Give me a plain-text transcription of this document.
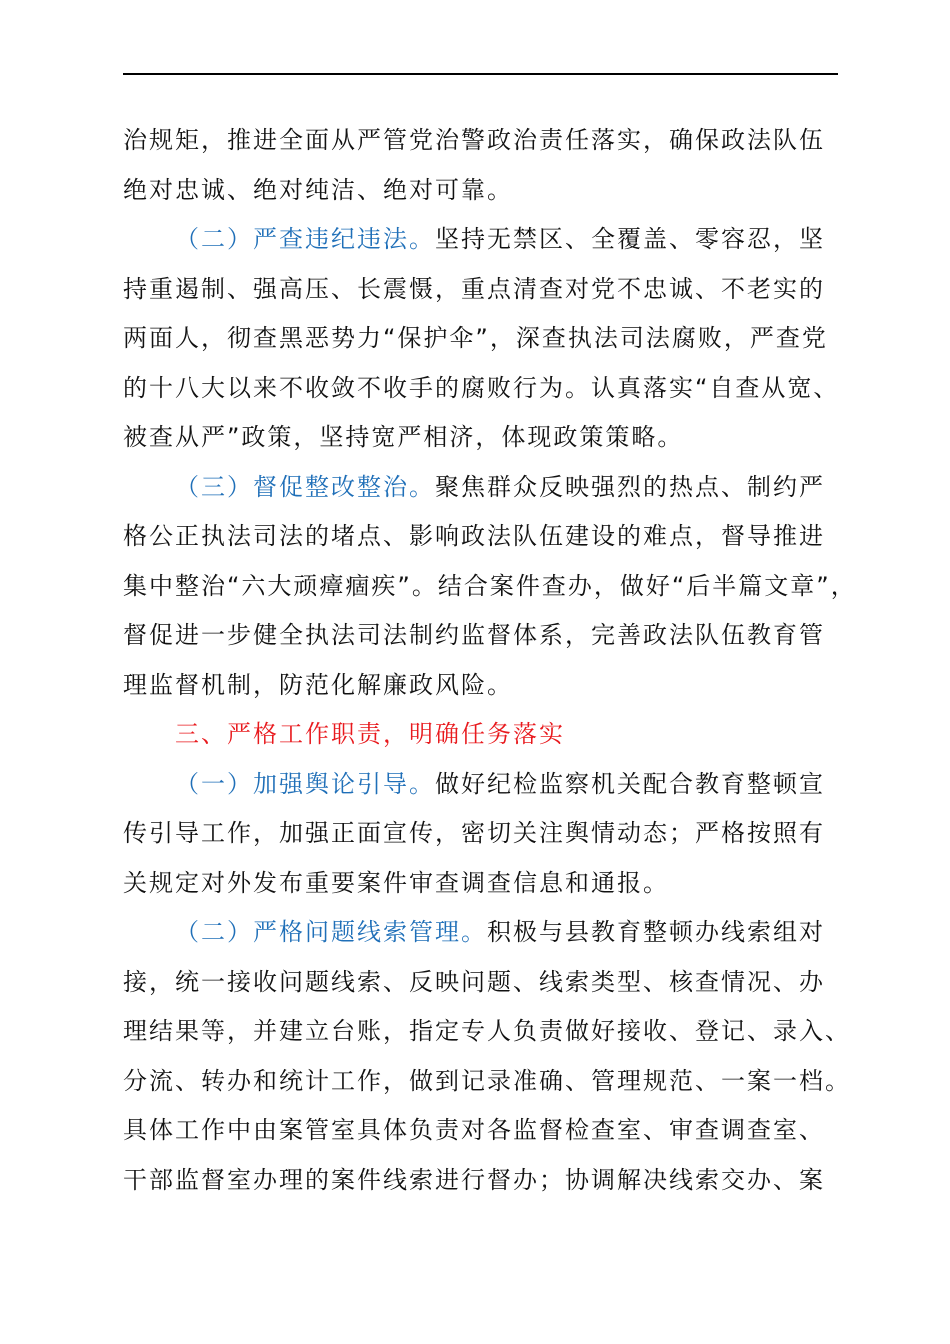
治规矩，推进全面从严管党治警政治责任落实，确保政法队伍
绝对忠诚、绝对纯洁、绝对可靠。

（二）严查违纪违法。坚持无禁区、全覆盖、零容忍，坚
持重遏制、强高压、长震慑，重点清查对党不忠诚、不老实的
两面人，彻查黑恶势力“保护伞”，深查执法司法腐败，严查党
的十八大以来不收敛不收手的腐败行为。认真落实“自查从宽、
被查从严”政策，坚持宽严相济，体现政策策略。

（三）督促整改整治。聚焦群众反映强烈的热点、制约严
格公正执法司法的堵点、影响政法队伍建设的难点，督导推进
集中整治“六大顽瘴痼疾”。结合案件查办，做好“后半篇文章”，
督促进一步健全执法司法制约监督体系，完善政法队伍教育管
理监督机制，防范化解廉政风险。

三、严格工作职责，明确任务落实

（一）加强舆论引导。做好纪检监察机关配合教育整顿宣
传引导工作，加强正面宣传，密切关注舆情动态；严格按照有
关规定对外发布重要案件审查调查信息和通报。

（二）严格问题线索管理。积极与县教育整顿办线索组对
接，统一接收问题线索、反映问题、线索类型、核查情况、办
理结果等，并建立台账，指定专人负责做好接收、登记、录入、
分流、转办和统计工作，做到记录准确、管理规范、一案一档。
具体工作中由案管室具体负责对各监督检查室、审查调查室、
干部监督室办理的案件线索进行督办；协调解决线索交办、案
